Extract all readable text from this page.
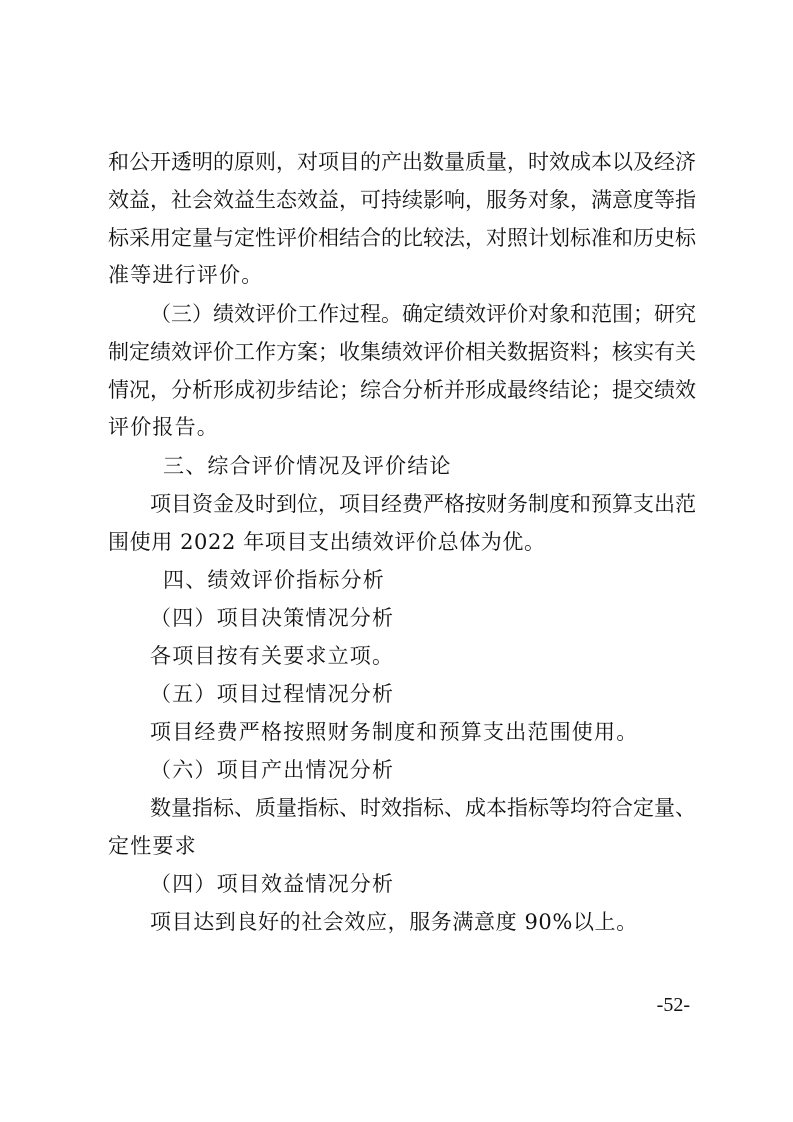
和公开透明的原则，对项目的产出数量质量，时效成本以及经济
效益，社会效益生态效益，可持续影响，服务对象，满意度等指
标采用定量与定性评价相结合的比较法，对照计划标准和历史标
准等进行评价。
（三）绩效评价工作过程。确定绩效评价对象和范围；研究
制定绩效评价工作方案；收集绩效评价相关数据资料；核实有关
情况，分析形成初步结论；综合分析并形成最终结论；提交绩效
评价报告。
三、综合评价情况及评价结论
项目资金及时到位，项目经费严格按财务制度和预算支出范
围使用 2022 年项目支出绩效评价总体为优。
四、绩效评价指标分析
（四）项目决策情况分析
各项目按有关要求立项。
（五）项目过程情况分析
项目经费严格按照财务制度和预算支出范围使用。
（六）项目产出情况分析
数量指标、质量指标、时效指标、成本指标等均符合定量、
定性要求
（四）项目效益情况分析
项目达到良好的社会效应，服务满意度 90%以上。
-52-
